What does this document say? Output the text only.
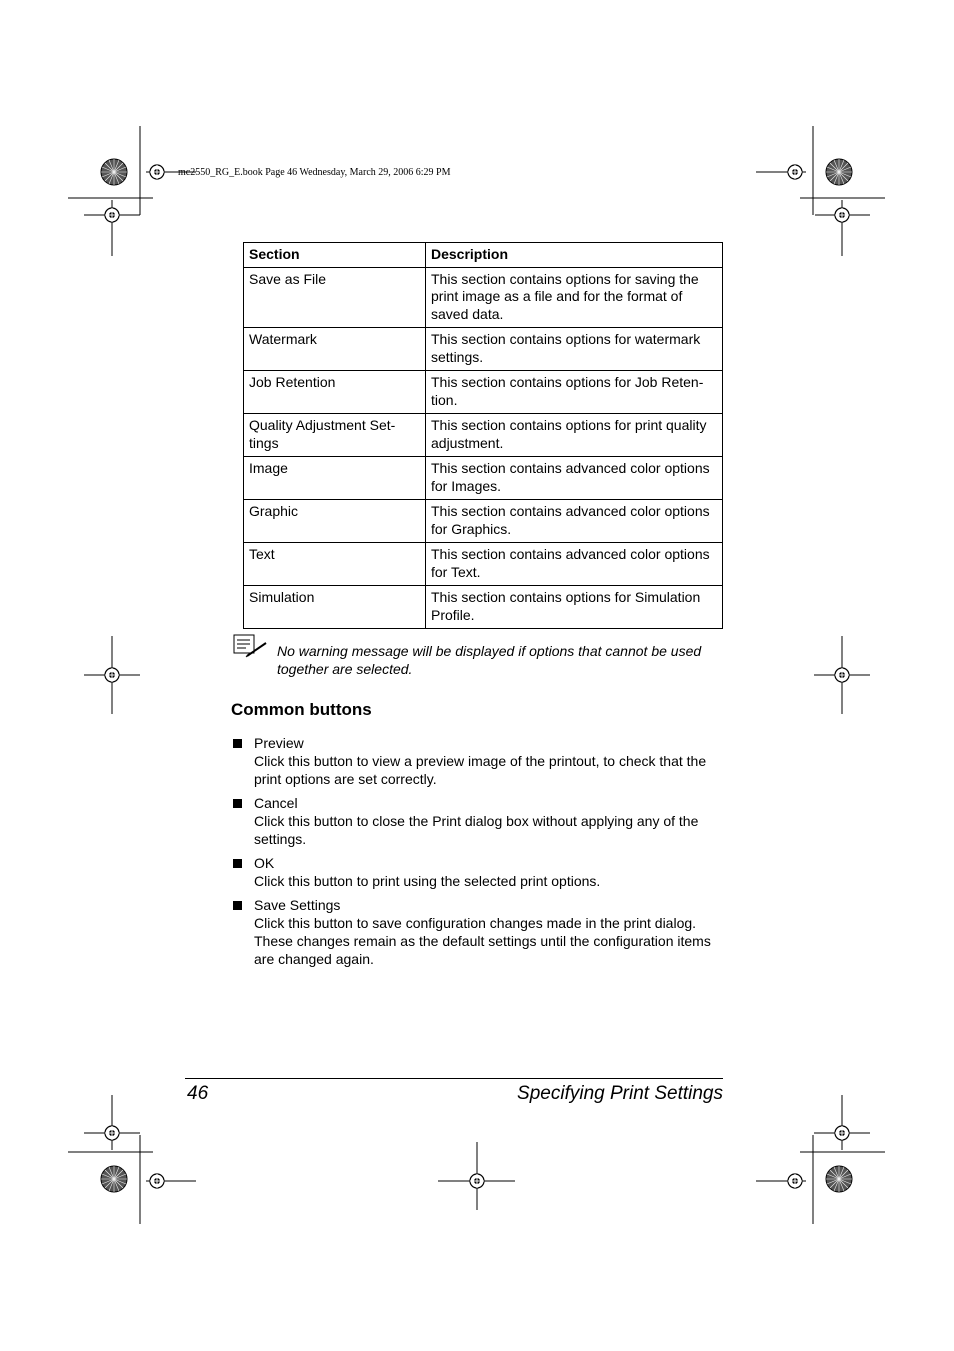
mc2550_RG_E.book Page 46 Wednesday, March 29, 2006 6:29 PM
Section	Description
Save as File	This section contains options for saving the print image as a file and for the format of saved data.
Watermark	This section contains options for watermark settings.
Job Retention	This section contains options for Job Reten- tion.
Quality Adjustment Set- tings	This section contains options for print quality adjustment.
Image	This section contains advanced color options for Images.
Graphic	This section contains advanced color options for Graphics.
Text	This section contains advanced color options for Text.
Simulation	This section contains options for Simulation Profile.
No warning message will be displayed if options that cannot be used together are selected.
Common buttons
Preview
Click this button to view a preview image of the printout, to check that the print options are set correctly.
Cancel
Click this button to close the Print dialog box without applying any of the settings.
OK
Click this button to print using the selected print options.
Save Settings
Click this button to save configuration changes made in the print dialog. These changes remain as the default settings until the configuration items are changed again.
46	Specifying Print Settings
